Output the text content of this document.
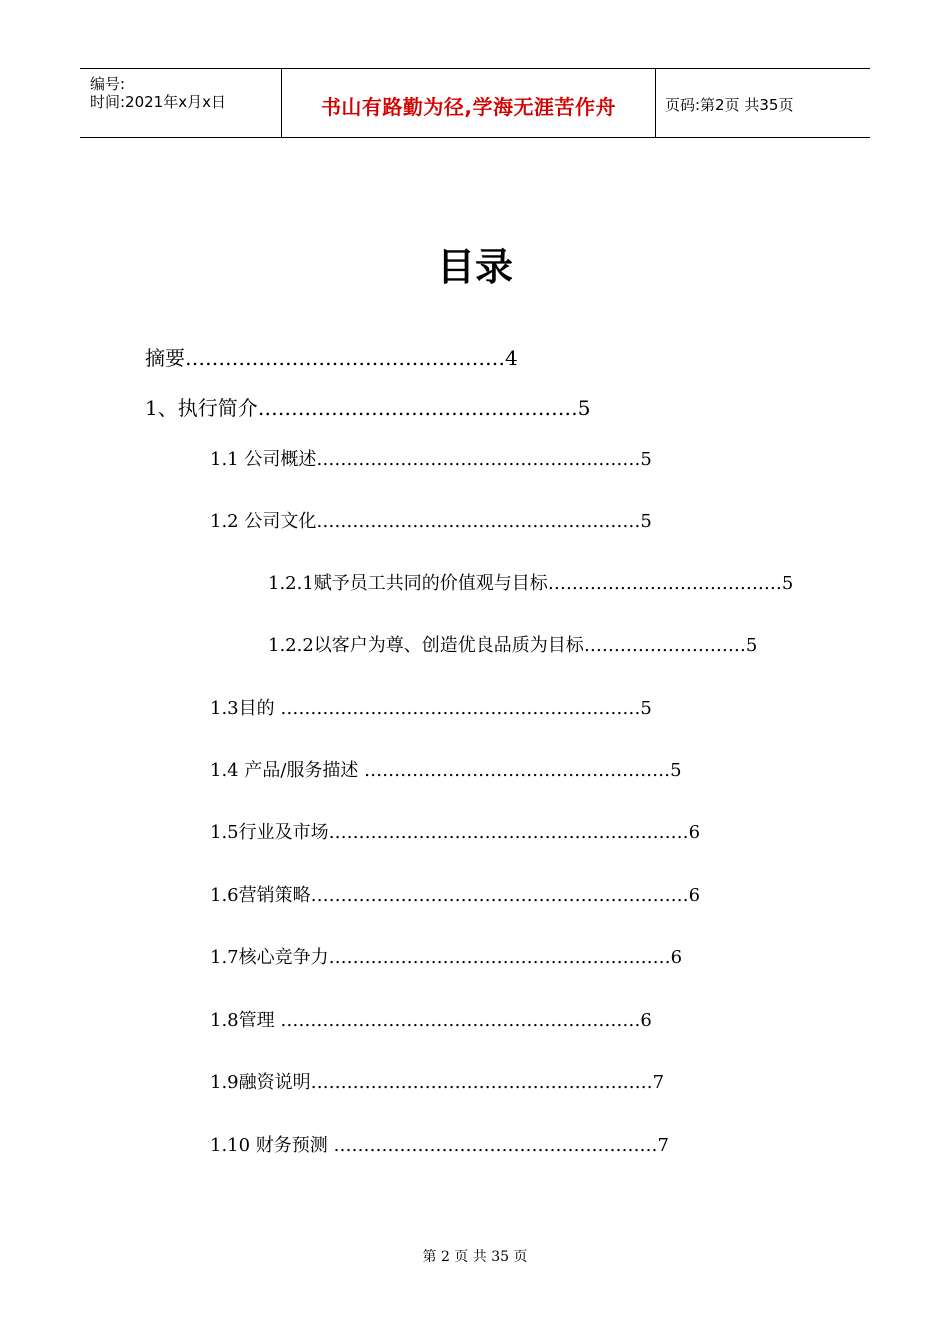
编号:
时间:2021年x月x日	书山有路勤为径,学海无涯苦作舟	页码:第2页 共35页
目录
摘要…………………………………………4
1、执行简介…………………………………………5
1.1 公司概述………………………………………………5
1.2 公司文化………………………………………………5
1.2.1赋予员工共同的价值观与目标…………………………………5
1.2.2以客户为尊、创造优良品质为目标………………………5
1.3目的 ……………………………………………………5
1.4 产品/服务描述 ……………………………………………5
1.5行业及市场……………………………………………………6
1.6营销策略………………………………………………………6
1.7核心竞争力…………………………………………………6
1.8管理 ……………………………………………………6
1.9融资说明…………………………………………………7
1.10 财务预测 ………………………………………………7
第 2 页 共 35 页
